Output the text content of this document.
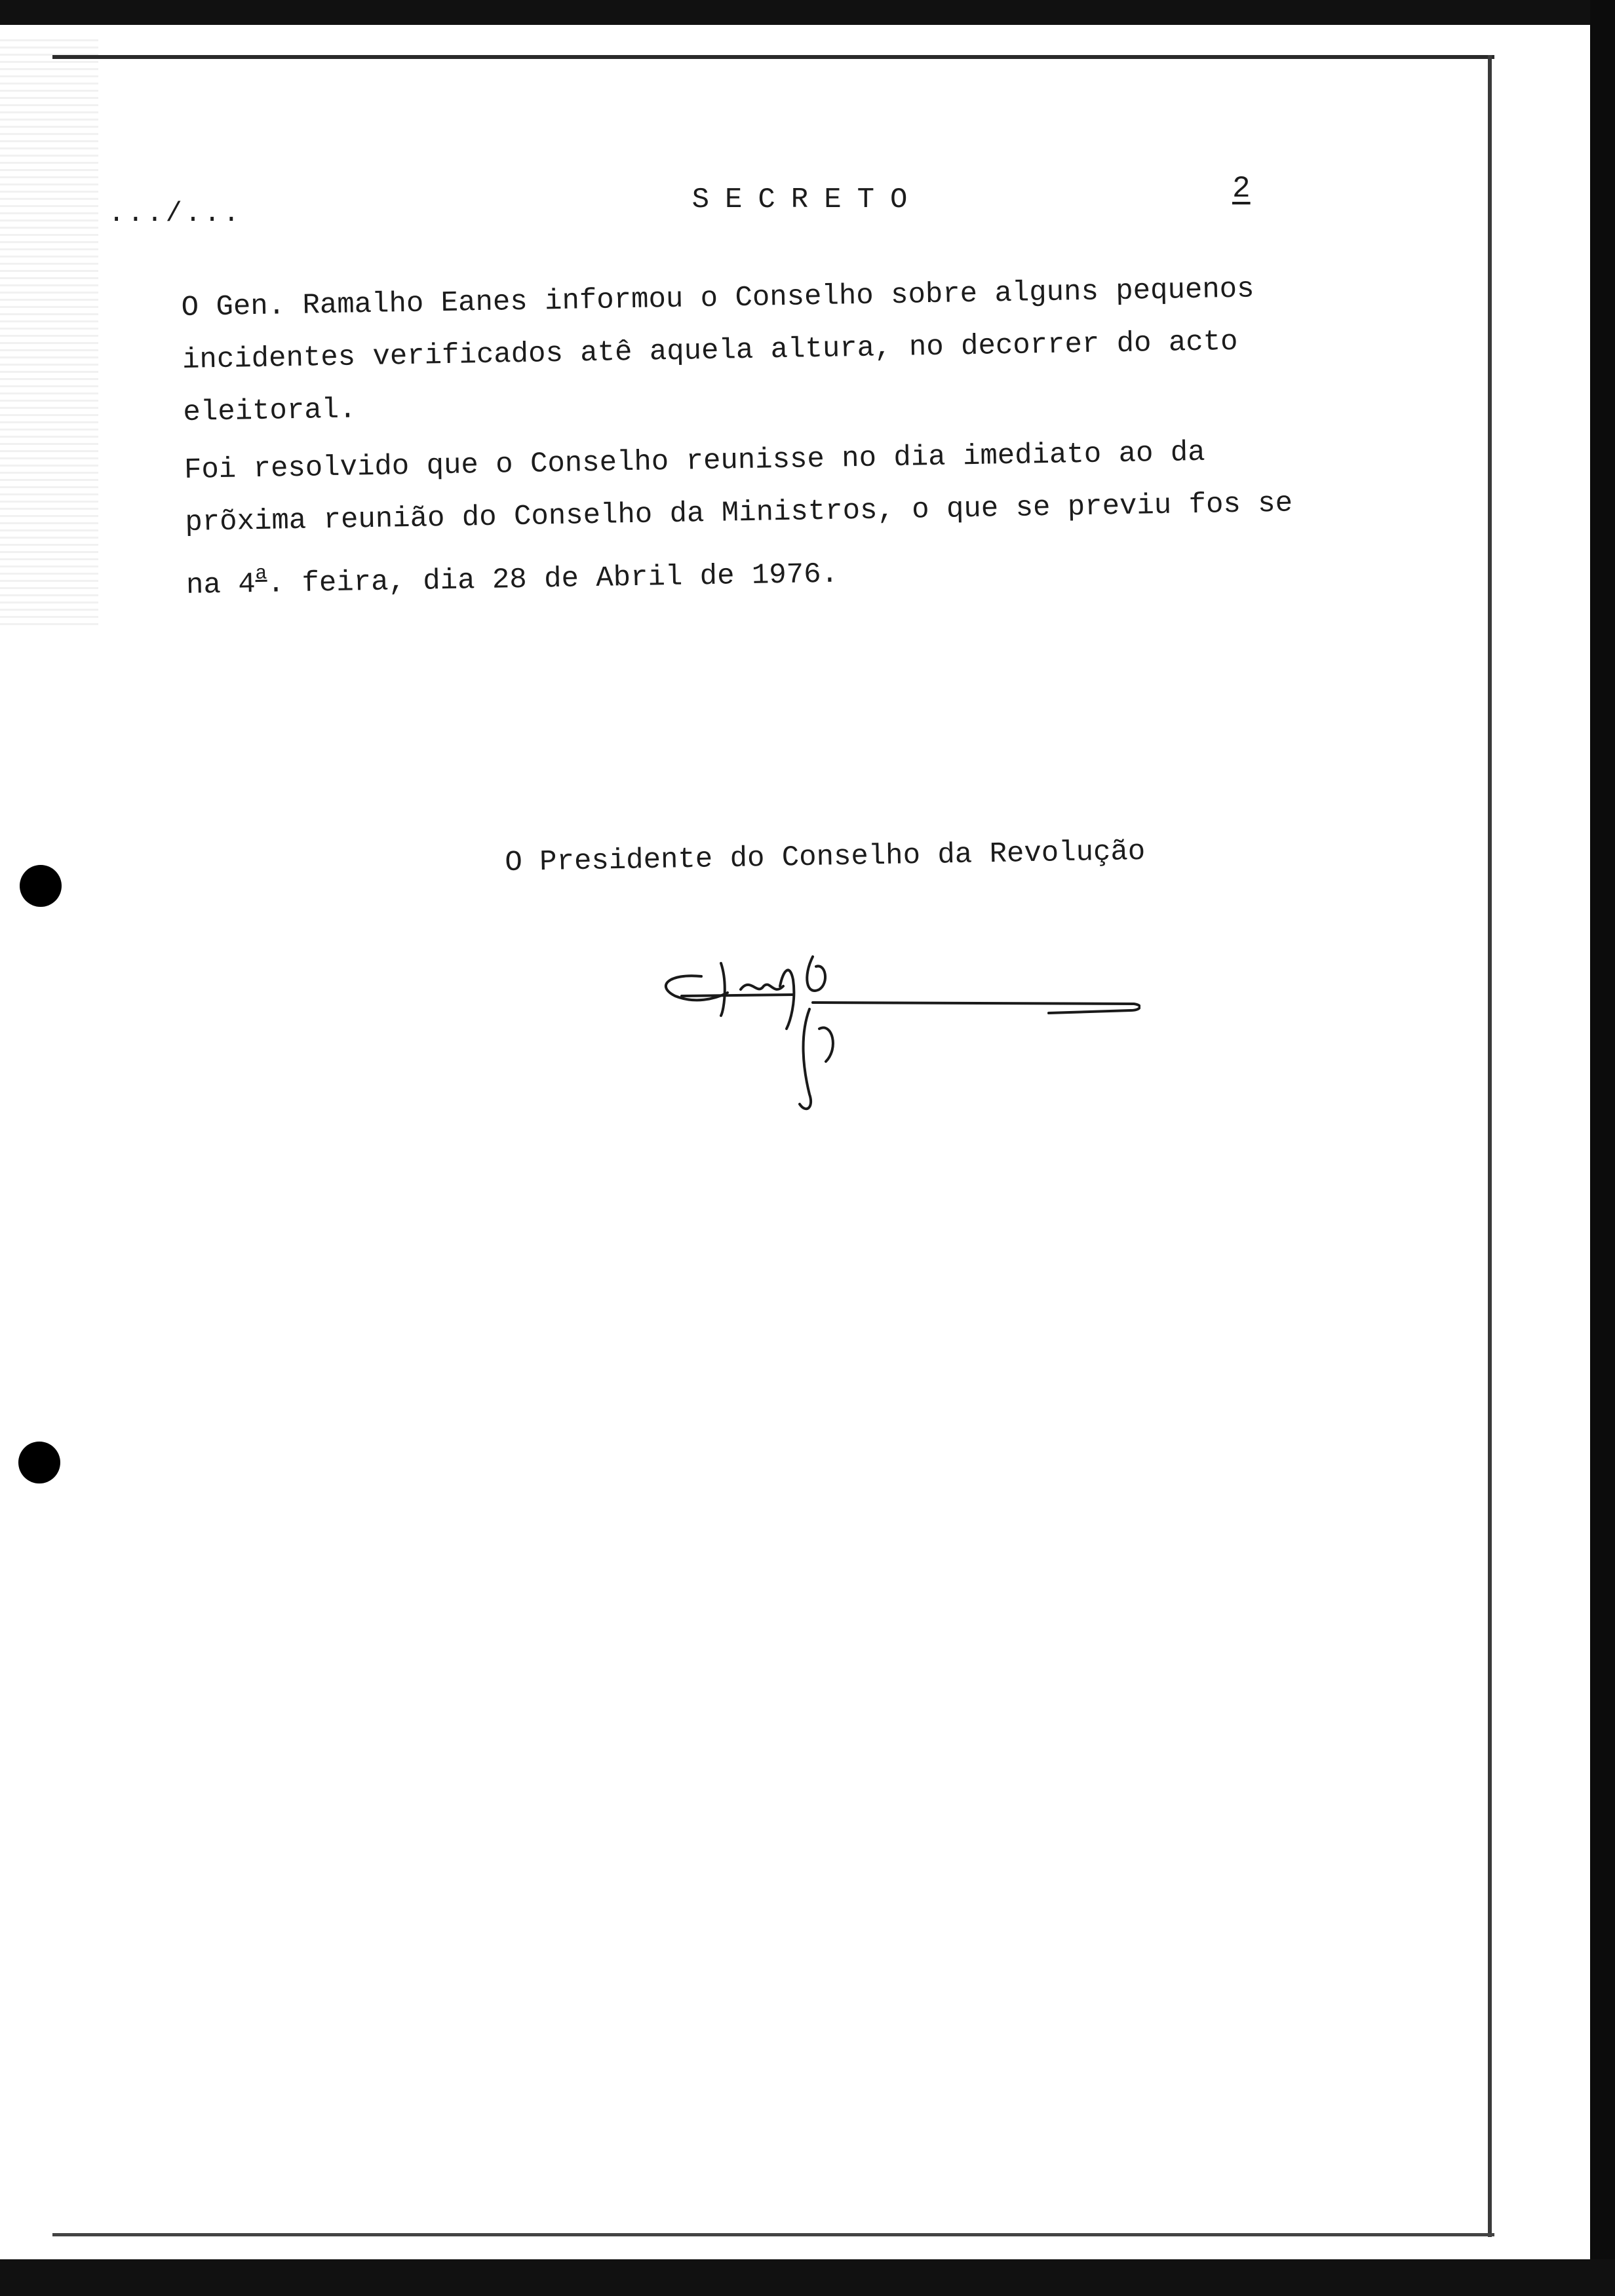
.../...	SECRETO	2

O Gen. Ramalho Eanes informou o Conselho sobre alguns pequenos incidentes verificados atê aquela altura, no decorrer do acto eleitoral.

Foi resolvido que o Conselho reunisse no dia imediato ao da prõxima reunião do Conselho da Ministros, o que se previu fos se na 4$^a$. feira, dia 28 de Abril de 1976.

O Presidente do Conselho da Revolução
